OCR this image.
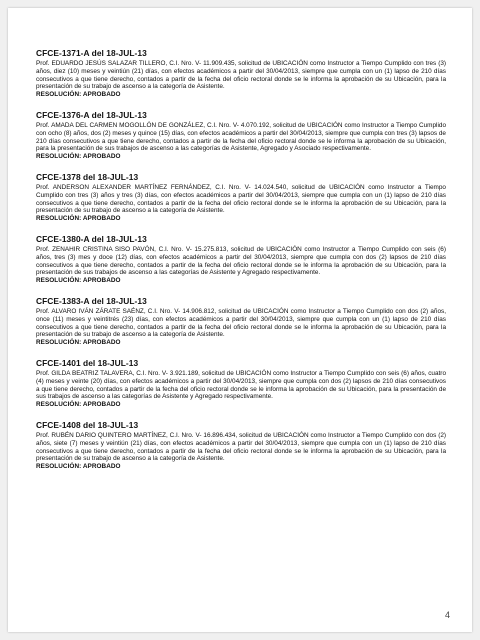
CFCE-1371-A del 18-JUL-13

Prof. EDUARDO JESÚS SALAZAR TILLERO, C.I. Nro. V- 11.909.435, solicitud de UBICACIÓN como Instructor a Tiempo Cumplido con tres (3) años, diez (10) meses y veintiún (21) días, con efectos académicos a partir del 30/04/2013, siempre que cumpla con un (1) lapso de 210 días consecutivos a que tiene derecho, contados a partir de la fecha del oficio rectoral donde se le informa la aprobación de su Ubicación, para la presentación de su trabajo de ascenso a la categoría de Asistente.

RESOLUCIÓN: APROBADO

CFCE-1376-A del 18-JUL-13

Prof. AMADA DEL CARMEN MOGOLLÓN DE GONZÁLEZ, C.I. Nro. V- 4.070.192, solicitud de UBICACIÓN como Instructor a Tiempo Cumplido con ocho (8) años, dos (2) meses y quince (15) días, con efectos académicos a partir del 30/04/2013, siempre que cumpla con tres (3) lapsos de 210 días consecutivos a que tiene derecho, contados a partir de la fecha del oficio rectoral donde se le informa la aprobación de su Ubicación, para la presentación de sus trabajos de ascenso a las categorías de Asistente, Agregado y Asociado respectivamente.

RESOLUCIÓN: APROBADO

CFCE-1378 del 18-JUL-13

Prof. ANDERSON ALEXANDER MARTÍNEZ FERNÁNDEZ, C.I. Nro. V- 14.024.540, solicitud de UBICACIÓN como Instructor a Tiempo Cumplido con tres (3) años y tres (3) días, con efectos académicos a partir del 30/04/2013, siempre que cumpla con un (1) lapso de 210 días consecutivos a que tiene derecho, contados a partir de la fecha del oficio rectoral donde se le informa la aprobación de su Ubicación, para la presentación de su trabajo de ascenso a la categoría de Asistente.

RESOLUCIÓN: APROBADO

CFCE-1380-A del 18-JUL-13

Prof. ZENAHIR CRISTINA SISO PAVÓN, C.I. Nro. V- 15.275.813, solicitud de UBICACIÓN como Instructor a Tiempo Cumplido con seis (6) años, tres (3) mes y doce (12) días, con efectos académicos a partir del 30/04/2013, siempre que cumpla con dos (2) lapsos de 210 días consecutivos a que tiene derecho, contados a partir de la fecha del oficio rectoral donde se le informa la aprobación de su Ubicación, para la presentación de sus trabajos de ascenso a las categorías de Asistente y Agregado respectivamente.

RESOLUCIÓN: APROBADO

CFCE-1383-A del 18-JUL-13

Prof. ALVARO IVÁN ZÁRATE SAÉNZ, C.I. Nro. V- 14.906.812, solicitud de UBICACIÓN como Instructor a Tiempo Cumplido con dos (2) años, once (11) meses y veintitrés (23) días, con efectos académicos a partir del 30/04/2013, siempre que cumpla con un (1) lapso de 210 días consecutivos a que tiene derecho, contados a partir de la fecha del oficio rectoral donde se le informa la aprobación de su Ubicación, para la presentación de su trabajo de ascenso a la categoría de Asistente.

RESOLUCIÓN: APROBADO

CFCE-1401 del 18-JUL-13

Prof. GILDA BEATRIZ TALAVERA, C.I. Nro. V- 3.921.189, solicitud de UBICACIÓN como Instructor a Tiempo Cumplido con seis (6) años, cuatro (4) meses y veinte (20) días, con efectos académicos a partir del 30/04/2013, siempre que cumpla con dos (2) lapsos de 210 días consecutivos a que tiene derecho, contados a partir de la fecha del oficio rectoral donde se le informa la aprobación de su Ubicación, para la presentación de sus trabajos de ascenso a las categorías de Asistente y Agregado respectivamente.

RESOLUCIÓN: APROBADO

CFCE-1408 del 18-JUL-13

Prof. RUBÉN DARIO QUINTERO MARTÍNEZ, C.I. Nro. V- 16.896.434, solicitud de UBICACIÓN como Instructor a Tiempo Cumplido con dos (2) años, siete (7) meses y veintiún (21) días, con efectos académicos a partir del 30/04/2013, siempre que cumpla con un (1) lapso de 210 días consecutivos a que tiene derecho, contados a partir de la fecha del oficio rectoral donde se le informa la aprobación de su Ubicación, para la presentación de su trabajo de ascenso a la categoría de Asistente.

RESOLUCIÓN: APROBADO

4
